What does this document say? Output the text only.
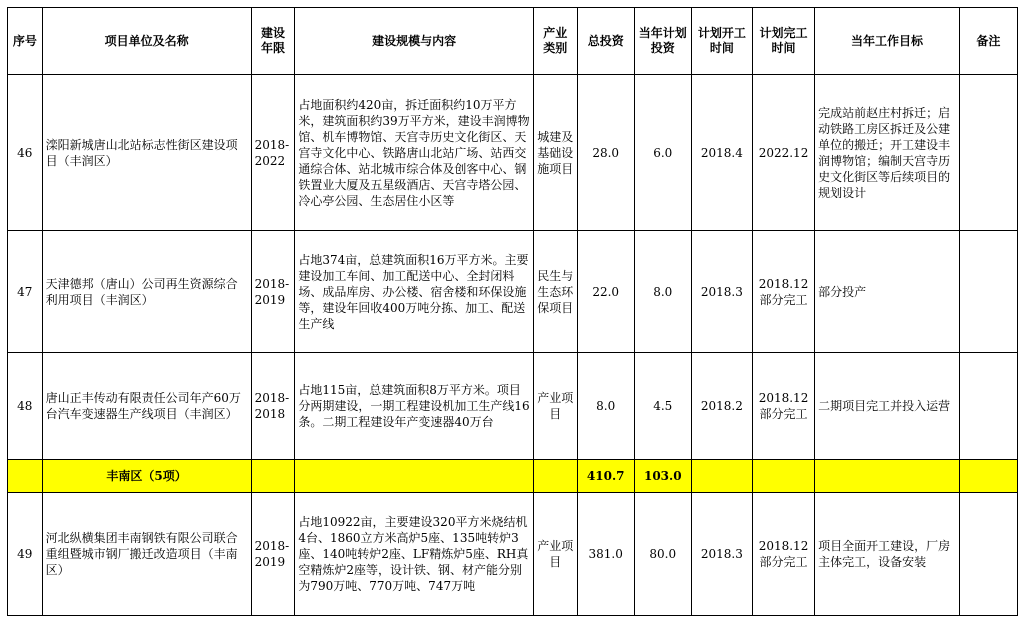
序号	项目单位及名称	建设年限	建设规模与内容	产业类别	总投资	当年计划投资	计划开工时间	计划完工时间	当年工作目标	备注
46	滦阳新城唐山北站标志性街区建设项目（丰润区）	2018-2022	占地面积约420亩，拆迁面积约10万平方米，建筑面积约39万平方米，建设丰润博物馆、机车博物馆、天宫寺历史文化街区、天宫寺文化中心、铁路唐山北站广场、站西交通综合体、站北城市综合体及创客中心、钢铁置业大厦及五星级酒店、天宫寺塔公园、冷心亭公园、生态居住小区等	城建及基础设施项目	28.0	6.0	2018.4	2022.12	完成站前赵庄村拆迁；启动铁路工房区拆迁及公建单位的搬迁；开工建设丰润博物馆；编制天宫寺历史文化街区等后续项目的规划设计	
47	天津德邦（唐山）公司再生资源综合利用项目（丰润区）	2018-2019	占地374亩，总建筑面积16万平方米。主要建设加工车间、加工配送中心、全封闭料场、成品库房、办公楼、宿舍楼和环保设施等，建设年回收400万吨分拣、加工、配送生产线	民生与生态环保项目	22.0	8.0	2018.3	2018.12部分完工	部分投产	
48	唐山正丰传动有限责任公司年产60万台汽车变速器生产线项目（丰润区）	2018-2018	占地115亩，总建筑面积8万平方米。项目分两期建设，一期工程建设机加工生产线16条。二期工程建设年产变速器40万台	产业项目	8.0	4.5	2018.2	2018.12部分完工	二期项目完工并投入运营	
	丰南区（5项）				410.7	103.0				
49	河北纵横集团丰南钢铁有限公司联合重组暨城市钢厂搬迁改造项目（丰南区）	2018-2019	占地10922亩，主要建设320平方米烧结机4台、1860立方米高炉5座、135吨转炉3座、140吨转炉2座、LF精炼炉5座、RH真空精炼炉2座等，设计铁、钢、材产能分别为790万吨、770万吨、747万吨	产业项目	381.0	80.0	2018.3	2018.12部分完工	项目全面开工建设，厂房主体完工，设备安装	
